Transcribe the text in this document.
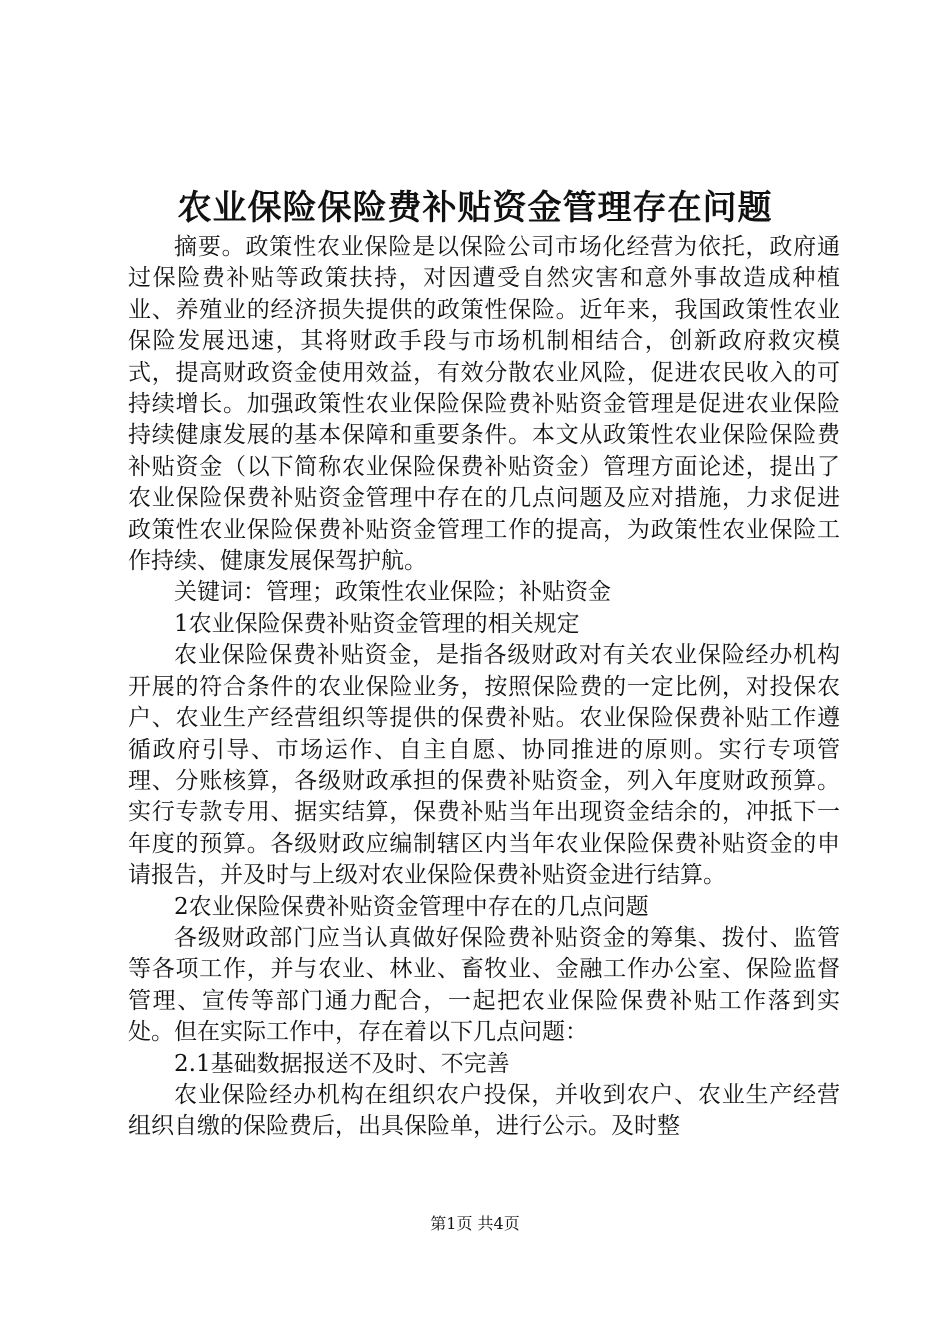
农业保险保险费补贴资金管理存在问题

摘要。政策性农业保险是以保险公司市场化经营为依托，政府通过保险费补贴等政策扶持，对因遭受自然灾害和意外事故造成种植业、养殖业的经济损失提供的政策性保险。近年来，我国政策性农业保险发展迅速，其将财政手段与市场机制相结合，创新政府救灾模式，提高财政资金使用效益，有效分散农业风险，促进农民收入的可持续增长。加强政策性农业保险保险费补贴资金管理是促进农业保险持续健康发展的基本保障和重要条件。本文从政策性农业保险保险费补贴资金（以下简称农业保险保费补贴资金）管理方面论述，提出了农业保险保费补贴资金管理中存在的几点问题及应对措施，力求促进政策性农业保险保费补贴资金管理工作的提高，为政策性农业保险工作持续、健康发展保驾护航。

关键词：管理；政策性农业保险；补贴资金

1农业保险保费补贴资金管理的相关规定

农业保险保费补贴资金，是指各级财政对有关农业保险经办机构开展的符合条件的农业保险业务，按照保险费的一定比例，对投保农户、农业生产经营组织等提供的保费补贴。农业保险保费补贴工作遵循政府引导、市场运作、自主自愿、协同推进的原则。实行专项管理、分账核算，各级财政承担的保费补贴资金，列入年度财政预算。实行专款专用、据实结算，保费补贴当年出现资金结余的，冲抵下一年度的预算。各级财政应编制辖区内当年农业保险保费补贴资金的申请报告，并及时与上级对农业保险保费补贴资金进行结算。

2农业保险保费补贴资金管理中存在的几点问题

各级财政部门应当认真做好保险费补贴资金的筹集、拨付、监管等各项工作，并与农业、林业、畜牧业、金融工作办公室、保险监督管理、宣传等部门通力配合，一起把农业保险保费补贴工作落到实处。但在实际工作中，存在着以下几点问题：

2.1基础数据报送不及时、不完善

农业保险经办机构在组织农户投保，并收到农户、农业生产经营组织自缴的保险费后，出具保险单，进行公示。及时整

第1页 共4页
